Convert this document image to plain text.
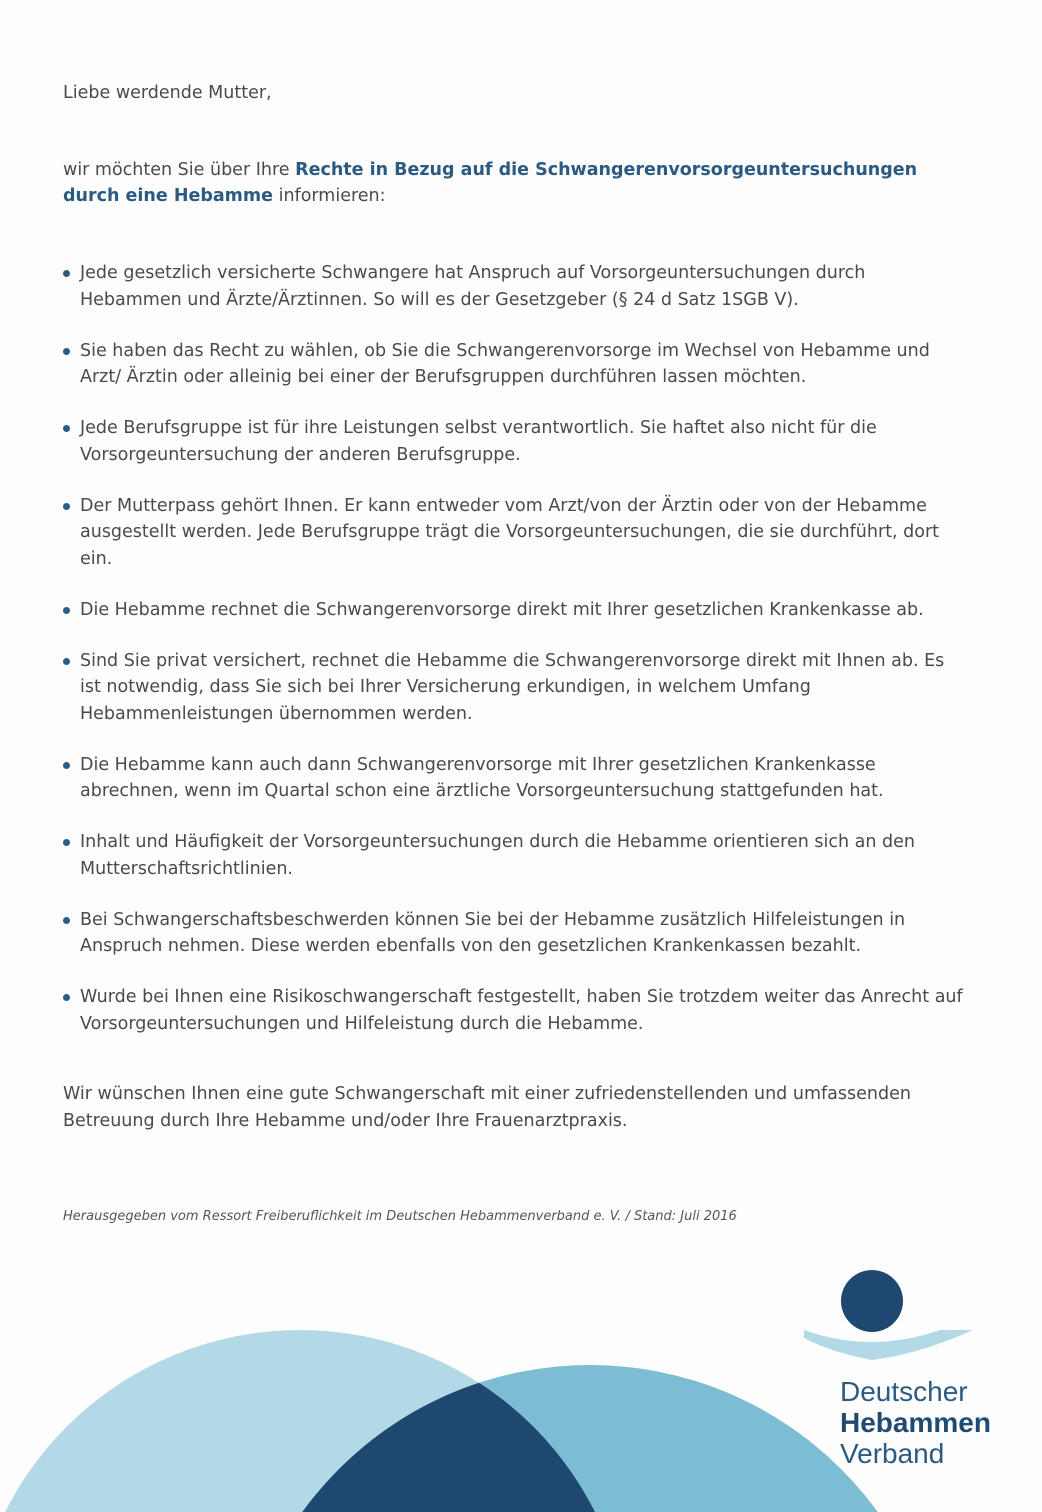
Liebe werdende Mutter,

wir möchten Sie über Ihre Rechte in Bezug auf die Schwangerenvorsorgeuntersuchungen durch eine Hebamme informieren:

Jede gesetzlich versicherte Schwangere hat Anspruch auf Vorsorgeuntersuchungen durch Hebammen und Ärzte/Ärztinnen. So will es der Gesetzgeber (§ 24 d Satz 1SGB V).
Sie haben das Recht zu wählen, ob Sie die Schwangerenvorsorge im Wechsel von Hebamme und Arzt/ Ärztin oder alleinig bei einer der Berufsgruppen durchführen lassen möchten.
Jede Berufsgruppe ist für ihre Leistungen selbst verantwortlich. Sie haftet also nicht für die Vorsorgeuntersuchung der anderen Berufsgruppe.
Der Mutterpass gehört Ihnen. Er kann entweder vom Arzt/von der Ärztin oder von der Hebamme ausgestellt werden. Jede Berufsgruppe trägt die Vorsorgeuntersuchungen, die sie durchführt, dort ein.
Die Hebamme rechnet die Schwangerenvorsorge direkt mit Ihrer gesetzlichen Krankenkasse ab.
Sind Sie privat versichert, rechnet die Hebamme die Schwangerenvorsorge direkt mit Ihnen ab. Es ist notwendig, dass Sie sich bei Ihrer Versicherung erkundigen, in welchem Umfang Hebammenleistungen übernommen werden.
Die Hebamme kann auch dann Schwangerenvorsorge mit Ihrer gesetzlichen Krankenkasse abrechnen, wenn im Quartal schon eine ärztliche Vorsorgeuntersuchung stattgefunden hat.
Inhalt und Häufigkeit der Vorsorgeuntersuchungen durch die Hebamme orientieren sich an den Mutterschaftsrichtlinien.
Bei Schwangerschaftsbeschwerden können Sie bei der Hebamme zusätzlich Hilfeleistungen in Anspruch nehmen. Diese werden ebenfalls von den gesetzlichen Krankenkassen bezahlt.
Wurde bei Ihnen eine Risikoschwangerschaft festgestellt, haben Sie trotzdem weiter das Anrecht auf Vorsorgeuntersuchungen und Hilfeleistung durch die Hebamme.

Wir wünschen Ihnen eine gute Schwangerschaft mit einer zufriedenstellenden und umfassenden Betreuung durch Ihre Hebamme und/oder Ihre Frauenarztpraxis.

Herausgegeben vom Ressort Freiberuflichkeit im Deutschen Hebammenverband e. V. / Stand: Juli 2016

Deutscher
Hebammen
Verband
